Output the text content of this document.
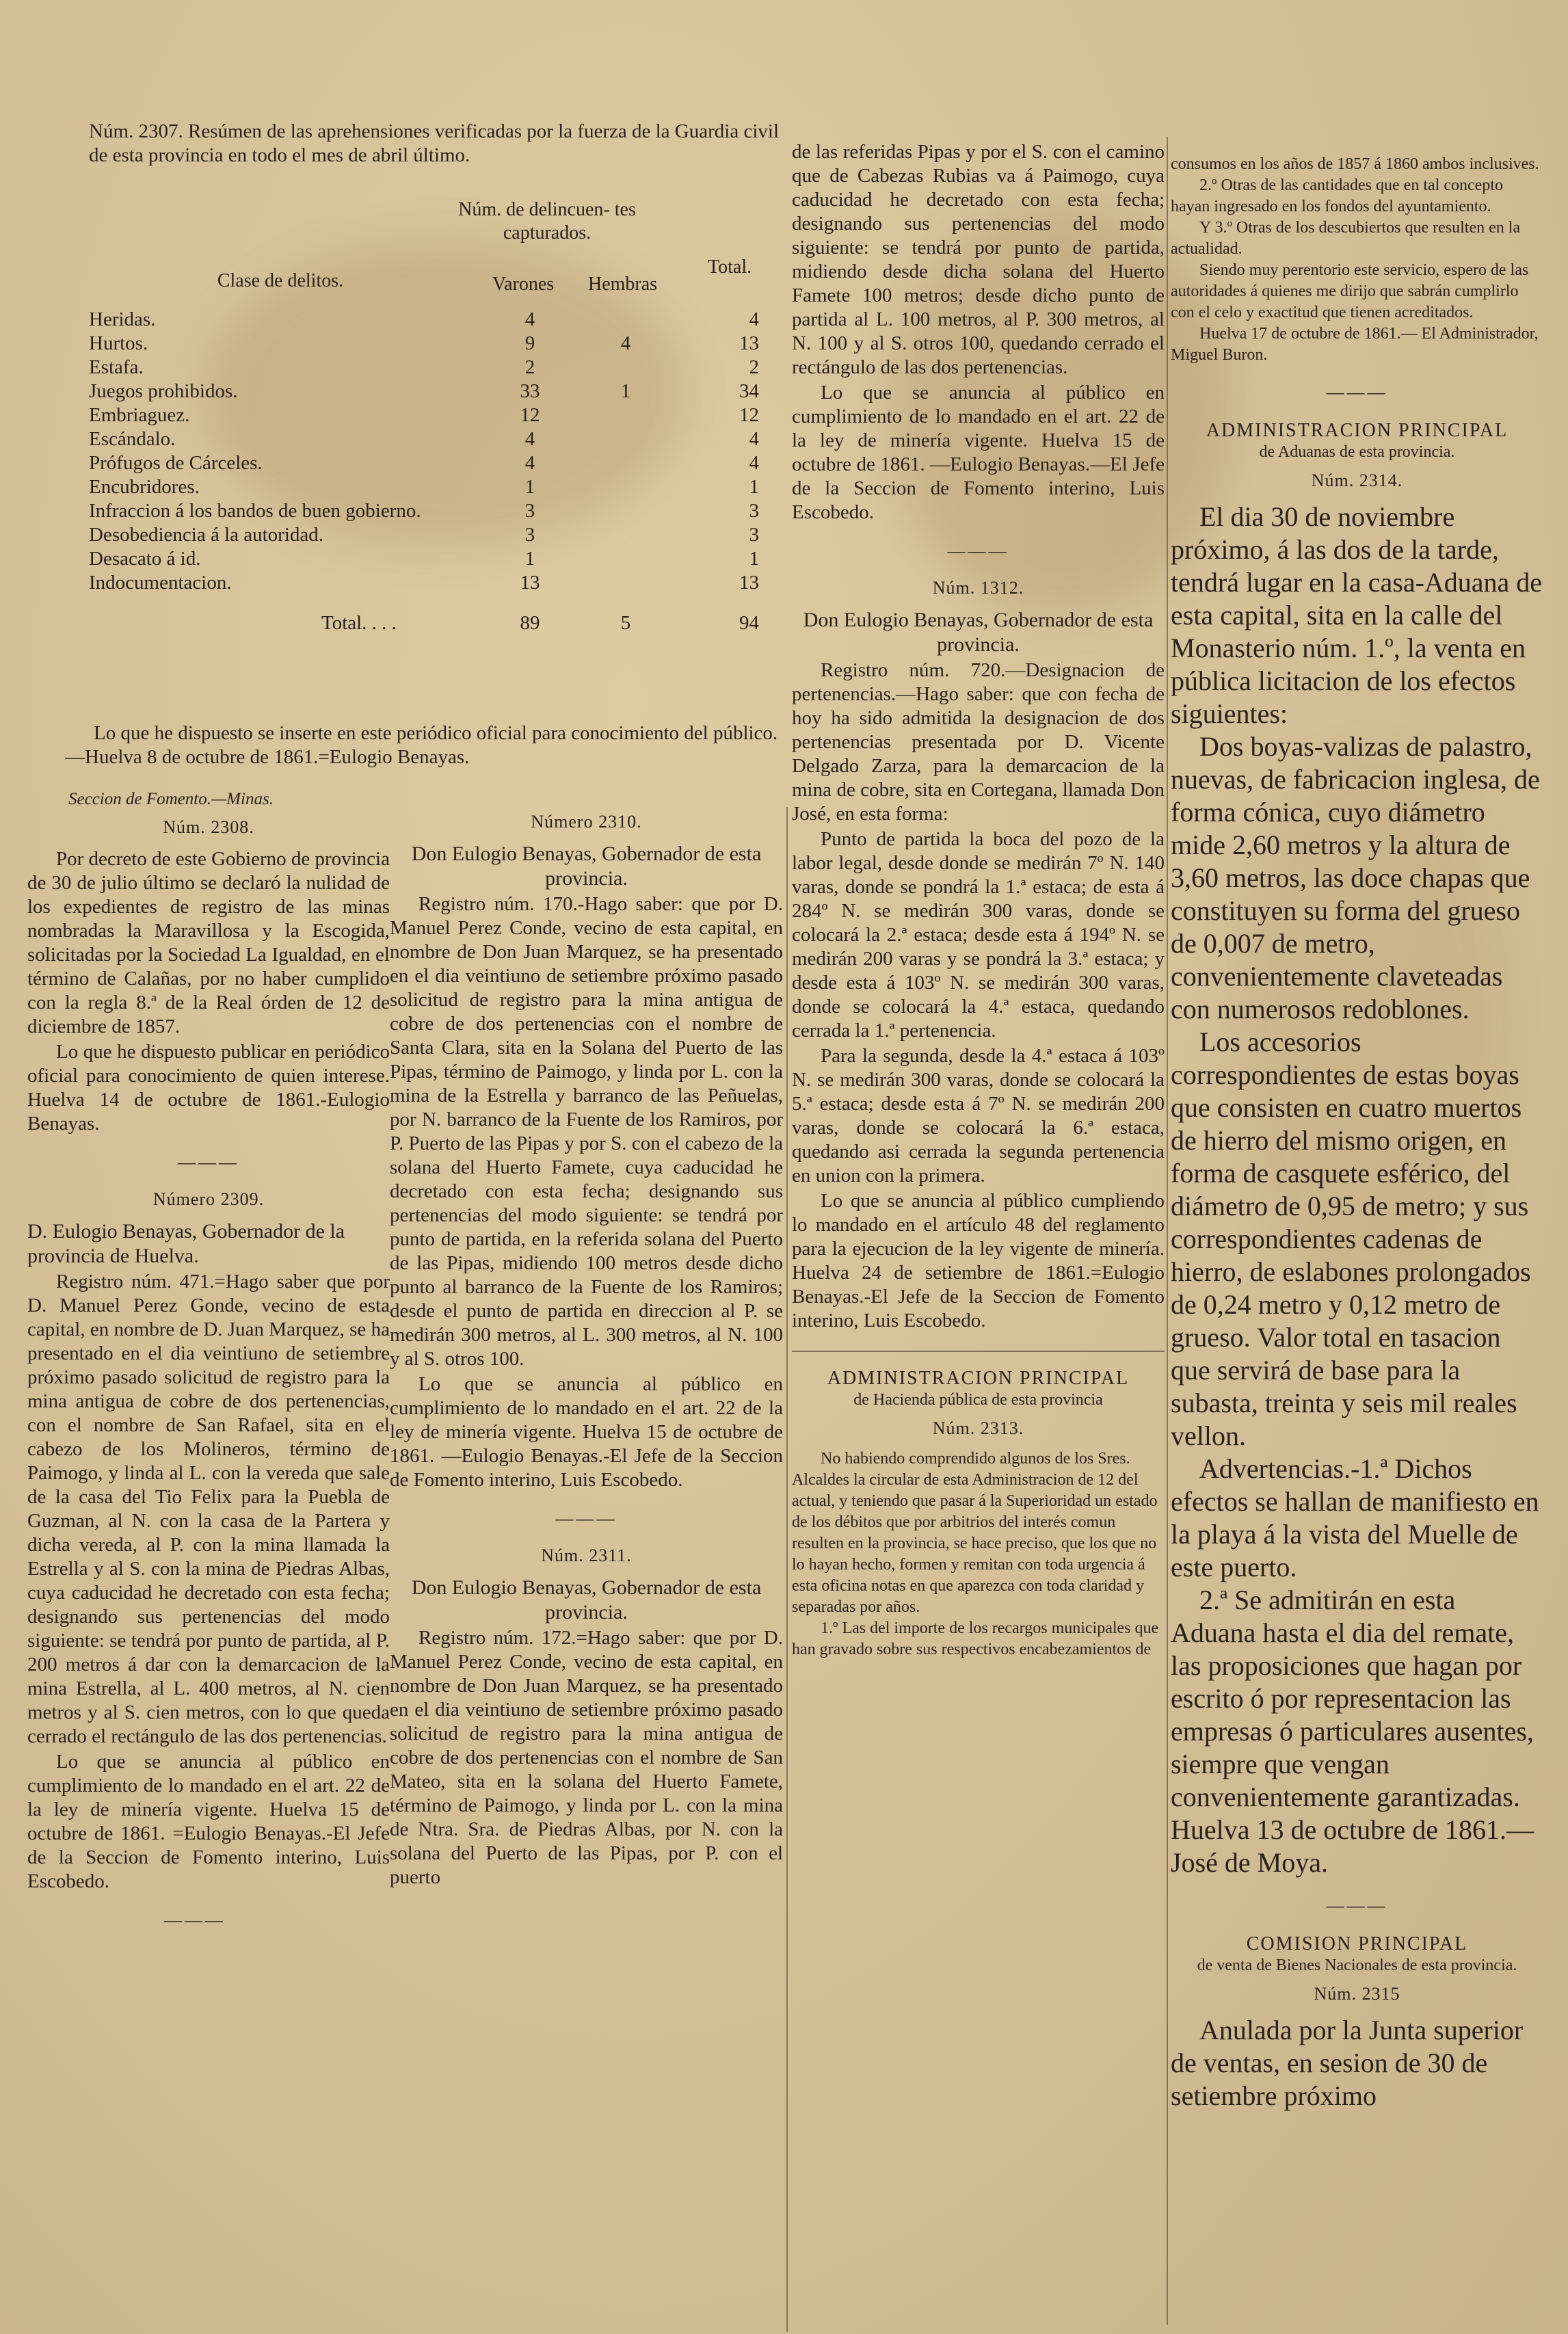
Núm. 2307. Resúmen de las aprehensiones verificadas por la fuerza de la Guardia civil de esta provincia en todo el mes de abril último.

Núm. de delincuen- tes capturados.
Clase de delitos.	Varones Hembras
Total.
Heridas.	4		4
Hurtos.	9	4	13
Estafa.	2		2
Juegos prohibidos.	33	1	34
Embriaguez.	12		12
Escándalo.	4		4
Prófugos de Cárceles.	4		4
Encubridores.	1		1
Infraccion á los bandos de buen gobierno.	3		3
Desobediencia á la autoridad.	3		3
Desacato á id.	1		1
Indocumentacion.	13		13
Total. . . .	89	5	94

Lo que he dispuesto se inserte en este periódico oficial para conocimiento del público.—Huelva 8 de octubre de 1861.=Eulogio Benayas.

Seccion de Fomento.—Minas.
Núm. 2308.

Por decreto de este Gobierno de provincia de 30 de julio último se declaró la nulidad de los expedientes de registro de las minas nombradas la Maravillosa y la Escogida, solicitadas por la Sociedad La Igualdad, en el término de Calañas, por no haber cumplido con la regla 8.ª de la Real órden de 12 de diciembre de 1857.

Lo que he dispuesto publicar en periódico oficial para conocimiento de quien interese. Huelva 14 de octubre de 1861.-Eulogio Benayas.

———
Número 2309.

D. Eulogio Benayas, Gobernador de la provincia de Huelva.

Registro núm. 471.=Hago saber que por D. Manuel Perez Gonde, vecino de esta capital, en nombre de D. Juan Marquez, se ha presentado en el dia veintiuno de setiembre próximo pasado solicitud de registro para la mina antigua de cobre de dos pertenencias, con el nombre de San Rafael, sita en el cabezo de los Molineros, término de Paimogo, y linda al L. con la vereda que sale de la casa del Tio Felix para la Puebla de Guzman, al N. con la casa de la Partera y dicha vereda, al P. con la mina llamada la Estrella y al S. con la mina de Piedras Albas, cuya caducidad he decretado con esta fecha; designando sus pertenencias del modo siguiente: se tendrá por punto de partida, al P. 200 metros á dar con la demarcacion de la mina Estrella, al L. 400 metros, al N. cien metros y al S. cien metros, con lo que queda cerrado el rectángulo de las dos pertenencias.

Lo que se anuncia al público en cumplimiento de lo mandado en el art. 22 de la ley de minería vigente. Huelva 15 de octubre de 1861. =Eulogio Benayas.-El Jefe de la Seccion de Fomento interino, Luis Escobedo.

———
Número 2310.

Don Eulogio Benayas, Gobernador de esta provincia.

Registro núm. 170.-Hago saber: que por D. Manuel Perez Conde, vecino de esta capital, en nombre de Don Juan Marquez, se ha presentado en el dia veintiuno de setiembre próximo pasado solicitud de registro para la mina antigua de cobre de dos pertenencias con el nombre de Santa Clara, sita en la Solana del Puerto de las Pipas, término de Paimogo, y linda por L. con la mina de la Estrella y barranco de las Peñuelas, por N. barranco de la Fuente de los Ramiros, por P. Puerto de las Pipas y por S. con el cabezo de la solana del Huerto Famete, cuya caducidad he decretado con esta fecha; designando sus pertenencias del modo siguiente: se tendrá por punto de partida, en la referida solana del Puerto de las Pipas, midiendo 100 metros desde dicho punto al barranco de la Fuente de los Ramiros; desde el punto de partida en direccion al P. se medirán 300 metros, al L. 300 metros, al N. 100 y al S. otros 100.

Lo que se anuncia al público en cumplimiento de lo mandado en el art. 22 de la ley de minería vigente. Huelva 15 de octubre de 1861. —Eulogio Benayas.-El Jefe de la Seccion de Fomento interino, Luis Escobedo.

———
Núm. 2311.

Don Eulogio Benayas, Gobernador de esta provincia.

Registro núm. 172.=Hago saber: que por D. Manuel Perez Conde, vecino de esta capital, en nombre de Don Juan Marquez, se ha presentado en el dia veintiuno de setiembre próximo pasado solicitud de registro para la mina antigua de cobre de dos pertenencias con el nombre de San Mateo, sita en la solana del Huerto Famete, término de Paimogo, y linda por L. con la mina de Ntra. Sra. de Piedras Albas, por N. con la solana del Puerto de las Pipas, por P. con el puerto

de las referidas Pipas y por el S. con el camino que de Cabezas Rubias va á Paimogo, cuya caducidad he decretado con esta fecha; designando sus pertenencias del modo siguiente: se tendrá por punto de partida, midiendo desde dicha solana del Huerto Famete 100 metros; desde dicho punto de partida al L. 100 metros, al P. 300 metros, al N. 100 y al S. otros 100, quedando cerrado el rectángulo de las dos pertenencias.

Lo que se anuncia al público en cumplimiento de lo mandado en el art. 22 de la ley de minería vigente. Huelva 15 de octubre de 1861. —Eulogio Benayas.—El Jefe de la Seccion de Fomento interino, Luis Escobedo.

———
Núm. 1312.

Don Eulogio Benayas, Gobernador de esta provincia.

Registro núm. 720.—Designacion de pertenencias.—Hago saber: que con fecha de hoy ha sido admitida la designacion de dos pertenencias presentada por D. Vicente Delgado Zarza, para la demarcacion de la mina de cobre, sita en Cortegana, llamada Don José, en esta forma:

Punto de partida la boca del pozo de la labor legal, desde donde se medirán 7º N. 140 varas, donde se pondrá la 1.ª estaca; de esta á 284º N. se medirán 300 varas, donde se colocará la 2.ª estaca; desde esta á 194º N. se medirán 200 varas y se pondrá la 3.ª estaca; y desde esta á 103º N. se medirán 300 varas, donde se colocará la 4.ª estaca, quedando cerrada la 1.ª pertenencia.

Para la segunda, desde la 4.ª estaca á 103º N. se medirán 300 varas, donde se colocará la 5.ª estaca; desde esta á 7º N. se medirán 200 varas, donde se colocará la 6.ª estaca, quedando asi cerrada la segunda pertenencia en union con la primera.

Lo que se anuncia al público cumpliendo lo mandado en el artículo 48 del reglamento para la ejecucion de la ley vigente de minería. Huelva 24 de setiembre de 1861.=Eulogio Benayas.-El Jefe de la Seccion de Fomento interino, Luis Escobedo.

ADMINISTRACION PRINCIPAL
de Hacienda pública de esta provincia
Núm. 2313.

No habiendo comprendido algunos de los Sres. Alcaldes la circular de esta Administracion de 12 del actual, y teniendo que pasar á la Superioridad un estado de los débitos que por arbitrios del interés comun resulten en la provincia, se hace preciso, que los que no lo hayan hecho, formen y remitan con toda urgencia á esta oficina notas en que aparezca con toda claridad y separadas por años.

1.º Las del importe de los recargos municipales que han gravado sobre sus respectivos encabezamientos de

consumos en los años de 1857 á 1860 ambos inclusives.

2.º Otras de las cantidades que en tal concepto hayan ingresado en los fondos del ayuntamiento.

Y 3.º Otras de los descubiertos que resulten en la actualidad.

Siendo muy perentorio este servicio, espero de las autoridades á quienes me dirijo que sabrán cumplirlo con el celo y exactitud que tienen acreditados.

Huelva 17 de octubre de 1861.— El Administrador, Miguel Buron.

———
ADMINISTRACION PRINCIPAL
de Aduanas de esta provincia.
Núm. 2314.

El dia 30 de noviembre próximo, á las dos de la tarde, tendrá lugar en la casa-Aduana de esta capital, sita en la calle del Monasterio núm. 1.º, la venta en pública licitacion de los efectos siguientes:

Dos boyas-valizas de palastro, nuevas, de fabricacion inglesa, de forma cónica, cuyo diámetro mide 2,60 metros y la altura de 3,60 metros, las doce chapas que constituyen su forma del grueso de 0,007 de metro, convenientemente claveteadas con numerosos redoblones.

Los accesorios correspondientes de estas boyas que consisten en cuatro muertos de hierro del mismo origen, en forma de casquete esférico, del diámetro de 0,95 de metro; y sus correspondientes cadenas de hierro, de eslabones prolongados de 0,24 metro y 0,12 metro de grueso. Valor total en tasacion que servirá de base para la subasta, treinta y seis mil reales vellon.

Advertencias.-1.ª Dichos efectos se hallan de manifiesto en la playa á la vista del Muelle de este puerto.

2.ª Se admitirán en esta Aduana hasta el dia del remate, las proposiciones que hagan por escrito ó por representacion las empresas ó particulares ausentes, siempre que vengan convenientemente garantizadas. Huelva 13 de octubre de 1861.— José de Moya.

———
COMISION PRINCIPAL
de venta de Bienes Nacionales de esta provincia.
Núm. 2315

Anulada por la Junta superior de ventas, en sesion de 30 de setiembre próximo
